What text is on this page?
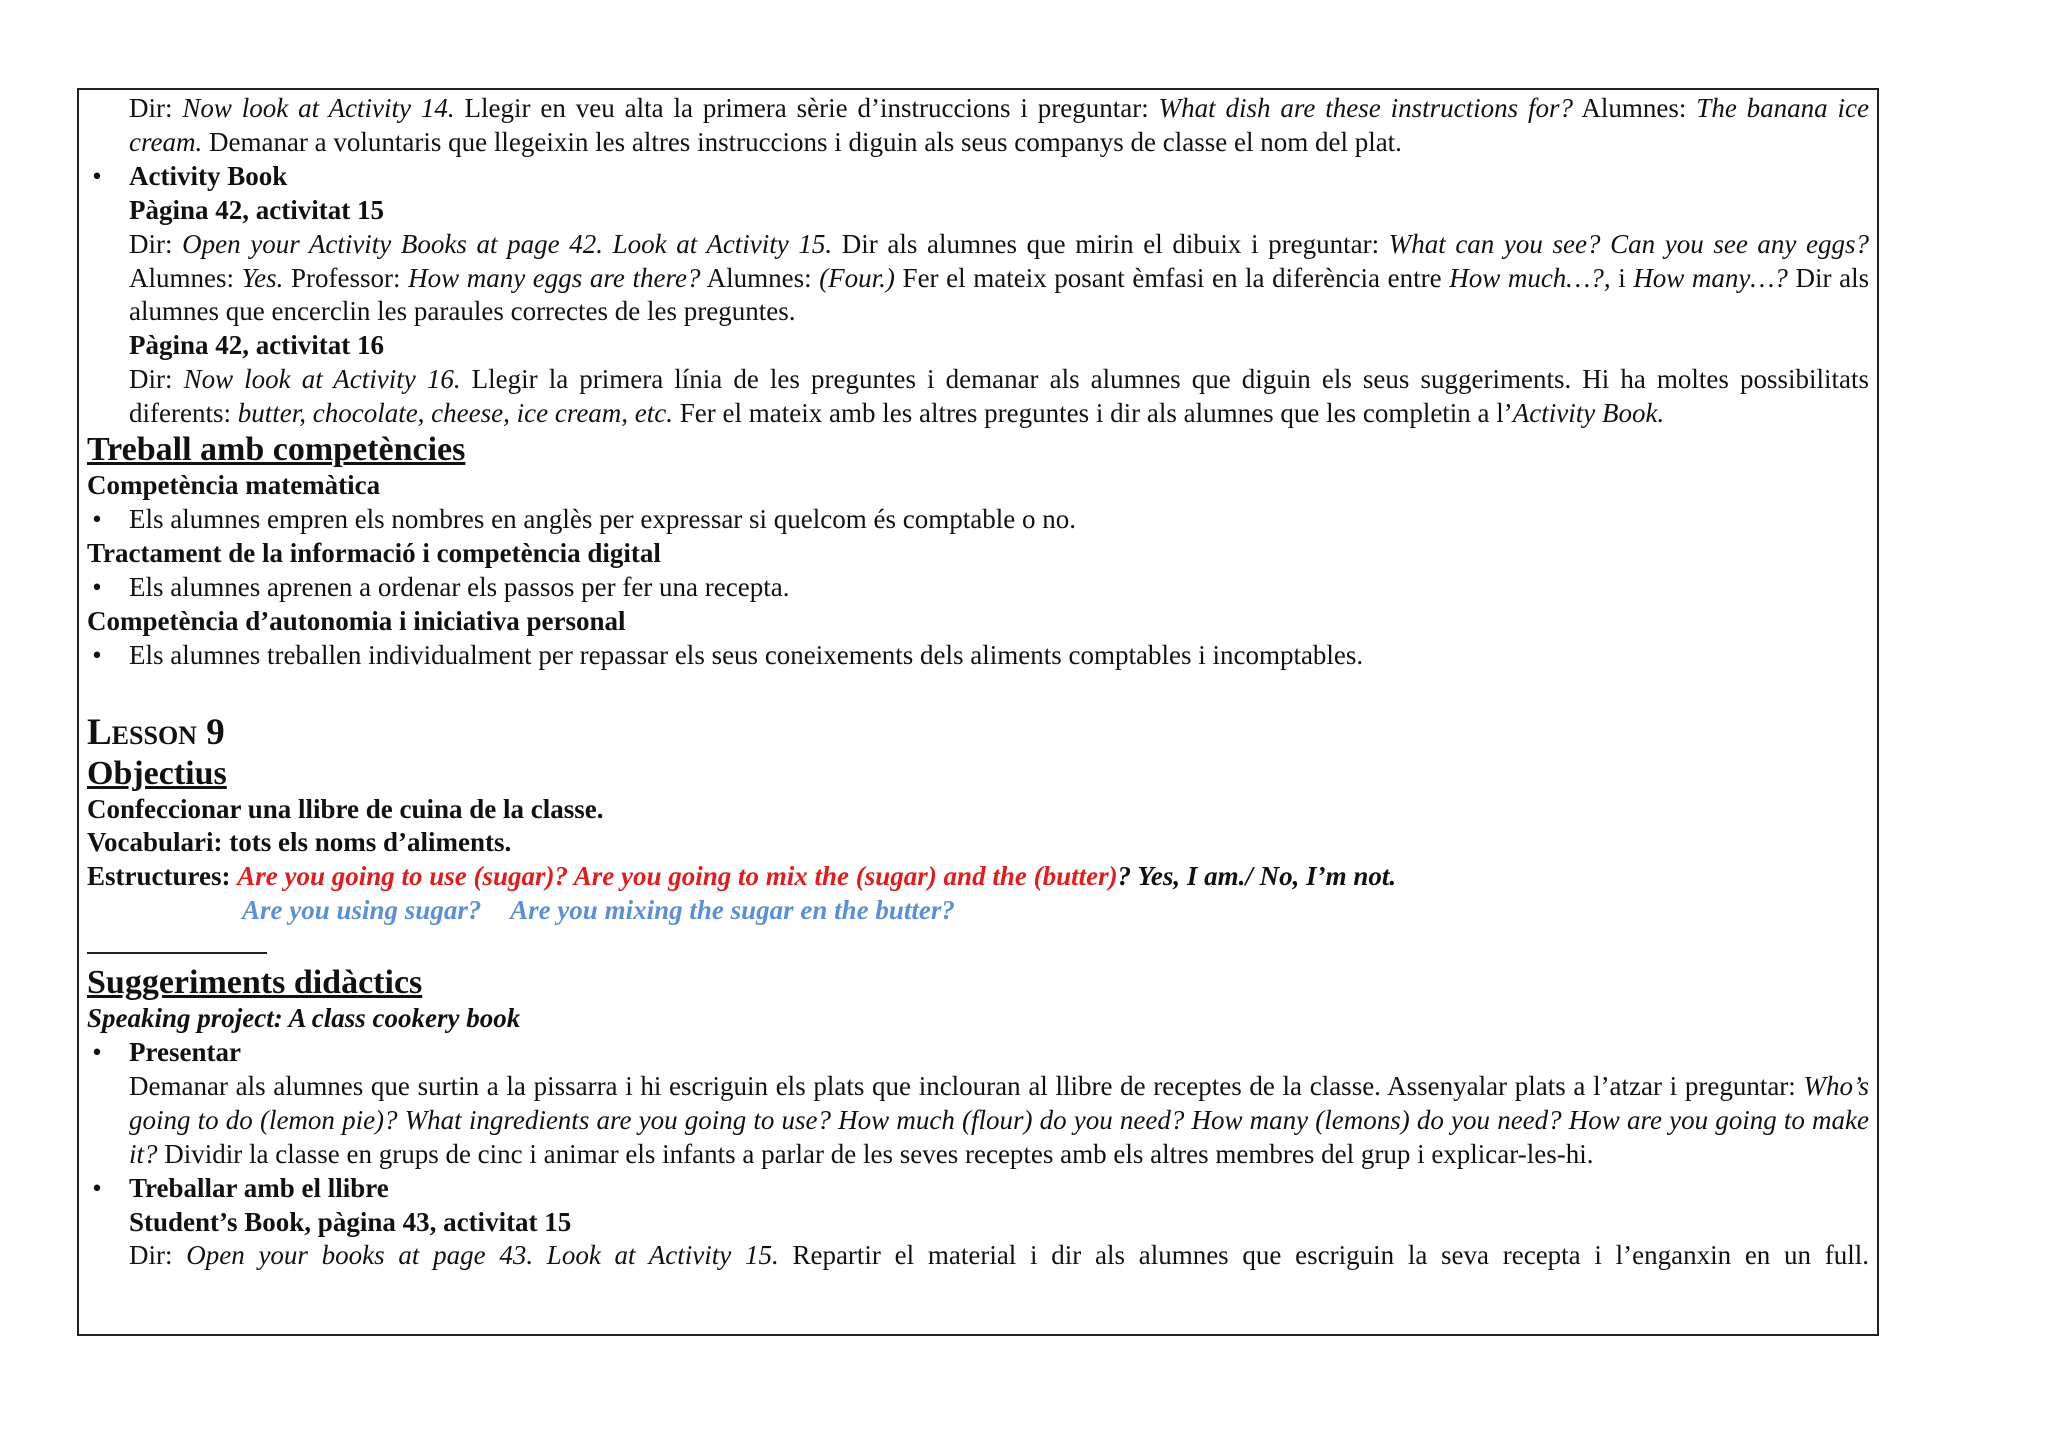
Dir: Now look at Activity 14. Llegir en veu alta la primera sèrie d’instruccions i preguntar: What dish are these instructions for? Alumnes: The banana ice cream. Demanar a voluntaris que llegeixin les altres instruccions i diguin als seus companys de classe el nom del plat.
• Activity Book
Pàgina 42, activitat 15
Dir: Open your Activity Books at page 42. Look at Activity 15. Dir als alumnes que mirin el dibuix i preguntar: What can you see? Can you see any eggs? Alumnes: Yes. Professor: How many eggs are there? Alumnes: (Four.) Fer el mateix posant èmfasi en la diferència entre How much…?, i How many…? Dir als alumnes que encerclin les paraules correctes de les preguntes.
Pàgina 42, activitat 16
Dir: Now look at Activity 16. Llegir la primera línia de les preguntes i demanar als alumnes que diguin els seus suggeriments. Hi ha moltes possibilitats diferents: butter, chocolate, cheese, ice cream, etc. Fer el mateix amb les altres preguntes i dir als alumnes que les completin a l’Activity Book.
Treball amb competències
Competència matemàtica
• Els alumnes empren els nombres en anglès per expressar si quelcom és comptable o no.
Tractament de la informació i competència digital
• Els alumnes aprenen a ordenar els passos per fer una recepta.
Competència d’autonomia i iniciativa personal
• Els alumnes treballen individualment per repassar els seus coneixements dels aliments comptables i incomptables.
Lesson 9
Objectius
Confeccionar una llibre de cuina de la classe.
Vocabulari: tots els noms d’aliments.
Estructures: Are you going to use (sugar)? Are you going to mix the (sugar) and the (butter)? Yes, I am./ No, I’m not.
Are you using sugar? Are you mixing the sugar en the butter?
Suggeriments didàctics
Speaking project: A class cookery book
• Presentar
Demanar als alumnes que surtin a la pissarra i hi escriguin els plats que inclouran al llibre de receptes de la classe. Assenyalar plats a l’atzar i preguntar: Who’s going to do (lemon pie)? What ingredients are you going to use? How much (flour) do you need? How many (lemons) do you need? How are you going to make it? Dividir la classe en grups de cinc i animar els infants a parlar de les seves receptes amb els altres membres del grup i explicar-les-hi.
• Treballar amb el llibre
Student’s Book, pàgina 43, activitat 15
Dir: Open your books at page 43. Look at Activity 15. Repartir el material i dir als alumnes que escriguin la seva recepta i l’enganxin en un full.
